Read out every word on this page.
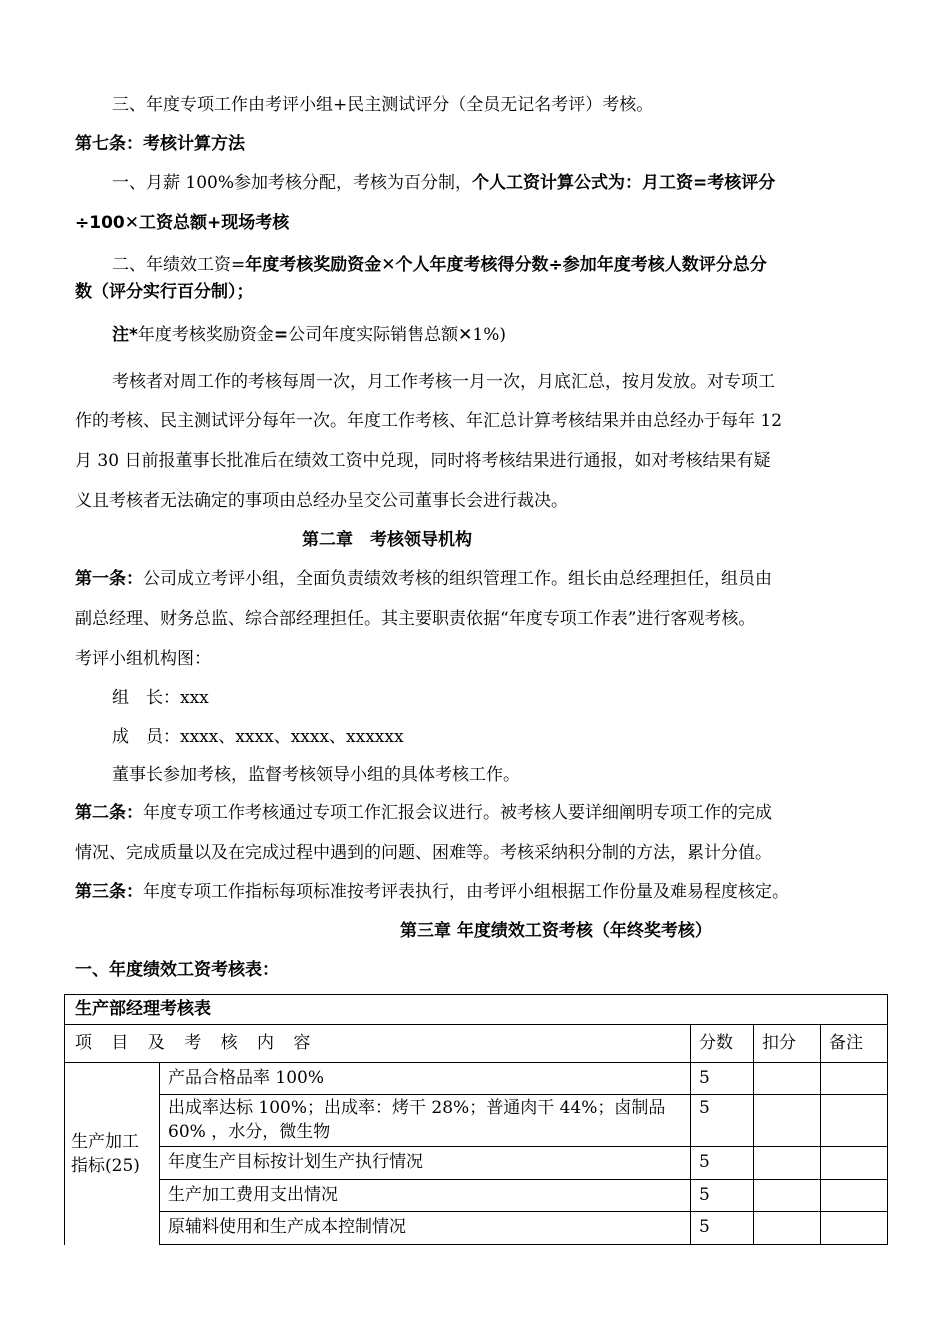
三、年度专项工作由考评小组+民主测试评分（全员无记名考评）考核。
第七条：考核计算方法
一、月薪 100%参加考核分配，考核为百分制，个人工资计算公式为：月工资=考核评分
÷100✕工资总额+现场考核
二、年绩效工资=年度考核奖励资金✕个人年度考核得分数÷参加年度考核人数评分总分
数（评分实行百分制）；
注*年度考核奖励资金=公司年度实际销售总额✕1%)
考核者对周工作的考核每周一次，月工作考核一月一次，月底汇总，按月发放。对专项工
作的考核、民主测试评分每年一次。年度工作考核、年汇总计算考核结果并由总经办于每年 12
月 30 日前报董事长批准后在绩效工资中兑现，同时将考核结果进行通报，如对考核结果有疑
义且考核者无法确定的事项由总经办呈交公司董事长会进行裁决。
第二章　考核领导机构
第一条：公司成立考评小组，全面负责绩效考核的组织管理工作。组长由总经理担任，组员由
副总经理、财务总监、综合部经理担任。其主要职责依据“年度专项工作表”进行客观考核。
考评小组机构图：
组　长：xxx
成　员：xxxx、xxxx、xxxx、xxxxxx
董事长参加考核，监督考核领导小组的具体考核工作。
第二条：年度专项工作考核通过专项工作汇报会议进行。被考核人要详细阐明专项工作的完成
情况、完成质量以及在完成过程中遇到的问题、困难等。考核采纳积分制的方法，累计分值。
第三条：年度专项工作指标每项标准按考评表执行，由考评小组根据工作份量及难易程度核定。
第三章 年度绩效工资考核（年终奖考核）
一、年度绩效工资考核表：
生产部经理考核表				
项 目 及 考 核 内 容		分数	扣分	备注
生产加工指标(25)	产品合格品率 100%	5		
	出成率达标 100%；出成率：烤干 28%；普通肉干 44%；卤制品 60% ，水分，微生物	5		
	年度生产目标按计划生产执行情况	5		
	生产加工费用支出情况	5		
	原辅料使用和生产成本控制情况	5		
